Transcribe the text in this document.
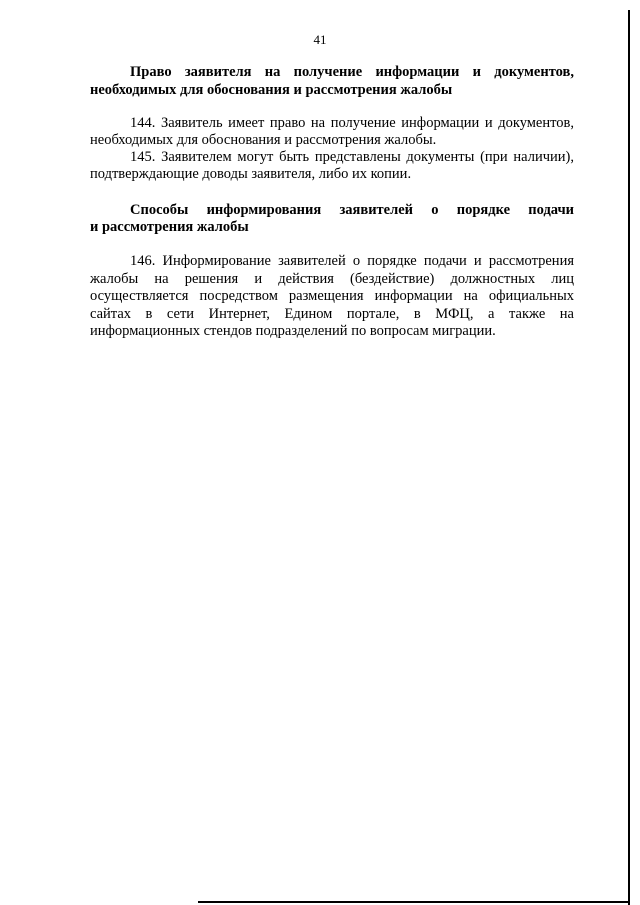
41
Право заявителя на получение информации и документов,
необходимых для обоснования и рассмотрения жалобы
144. Заявитель имеет право на получение информации и документов,
необходимых для обоснования и рассмотрения жалобы.
145. Заявителем могут быть представлены документы (при наличии),
подтверждающие доводы заявителя, либо их копии.
Способы информирования заявителей о порядке подачи
и рассмотрения жалобы
146. Информирование заявителей о порядке подачи и рассмотрения
жалобы на решения и действия (бездействие) должностных лиц
осуществляется посредством размещения информации на официальных
сайтах в сети Интернет, Едином портале, в МФЦ, а также на
информационных стендов подразделений по вопросам миграции.
